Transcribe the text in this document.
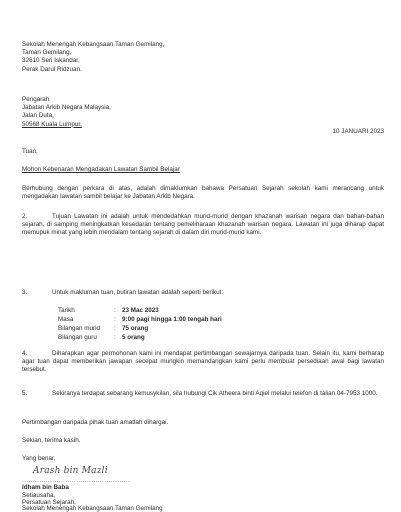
Sekolah Menengah Kebangsaan Taman Gemilang,
Taman Gemilang,
32610 Seri Iskandar,
Perak Darul Ridzuan.
Pengarah
Jabatan Arkib Negara Malaysia,
Jalan Duta,
50568 Kuala Lumpur.
10 JANUARI 2023
Tuan,
Mohon Kebenaran Mengadakan Lawatan Sambil Belajar
Berhubung dengan perkara di atas, adalah dimaklumkan bahawa Persatuan Sejarah sekolah kami merancang untuk mengadakan lawatan sambil belajar ke Jabatan Arkib Negara.
2.	Tujuan Lawatan ini adalah untuk mendedahkan murid-murid dengan khazanah warisan negara dan bahan-bahan sejarah, di samping meningkatkan kesedaran tentang pemeliharaan khazanah warisan negara. Lawatan ini juga diharap dapat memupuk minat yang lebih mendalam tentang sejarah di dalam diri murid-murid kami.
3.	Untuk makluman tuan, butiran lawatan adalah seperti berikut:
Tarikh	: 23 Mac 2023
Masa	: 9:00 pagi hingga 1:00 tengah hari
Bilangan murid	: 75 orang
Bilangan guru	: 5 orang
4.	Diharapkan agar permohonan kami ini mendapat pertimbangan sewajarnya daripada tuan. Selain itu, kami berharap agar tuan dapat memberikan jawapan secepat mungkin memandangkan kami perlu membuat persediaan awal bagi lawatan tersebut.
5.	Sekiranya terdapat sebarang kemusykilan, sila hubungi Cik Atheera binti Aqiel melalui telefon di talian 04-7953 1000.
Pertimbangan daripada pihak tuan amatlah dihargai.
Sekian, terima kasih.
Yang benar,
Arash bin Mazli
..................................................
Idham bin Baba
Setiausaha,
Persatuan Sejarah,
Sekolah Menengah Kebangsaan Taman Gemilang
